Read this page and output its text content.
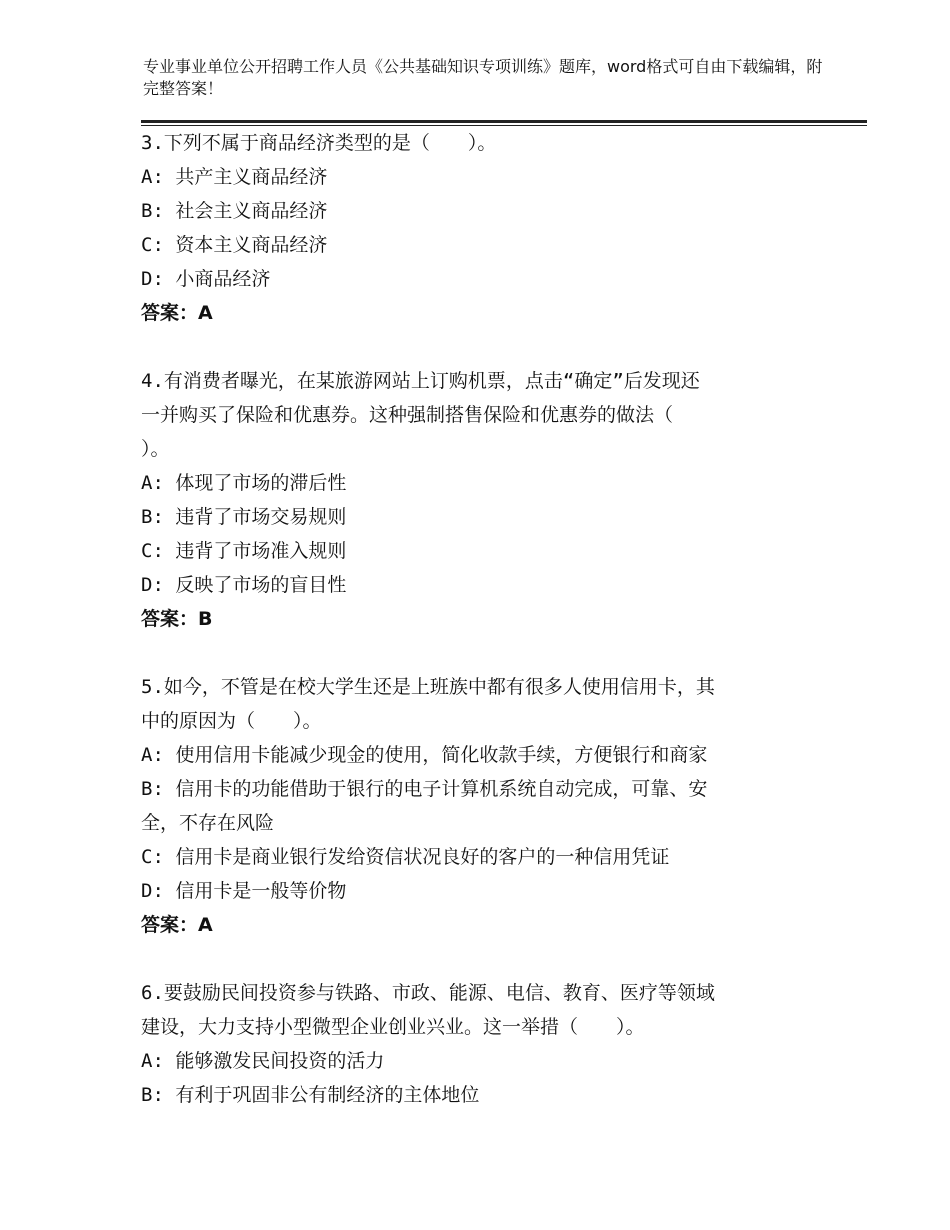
专业事业单位公开招聘工作人员《公共基础知识专项训练》题库，word格式可自由下载编辑，附完整答案！

3.下列不属于商品经济类型的是（　　）。

A: 共产主义商品经济

B: 社会主义商品经济

C: 资本主义商品经济

D: 小商品经济

答案：A

4.有消费者曝光，在某旅游网站上订购机票，点击“确定”后发现还

一并购买了保险和优惠券。这种强制搭售保险和优惠券的做法（

）。

A: 体现了市场的滞后性

B: 违背了市场交易规则

C: 违背了市场准入规则

D: 反映了市场的盲目性

答案：B

5.如今，不管是在校大学生还是上班族中都有很多人使用信用卡，其

中的原因为（　　）。

A: 使用信用卡能减少现金的使用，简化收款手续，方便银行和商家

B: 信用卡的功能借助于银行的电子计算机系统自动完成，可靠、安

全，不存在风险

C: 信用卡是商业银行发给资信状况良好的客户的一种信用凭证

D: 信用卡是一般等价物

答案：A

6.要鼓励民间投资参与铁路、市政、能源、电信、教育、医疗等领域

建设，大力支持小型微型企业创业兴业。这一举措（　　）。

A: 能够激发民间投资的活力

B: 有利于巩固非公有制经济的主体地位
